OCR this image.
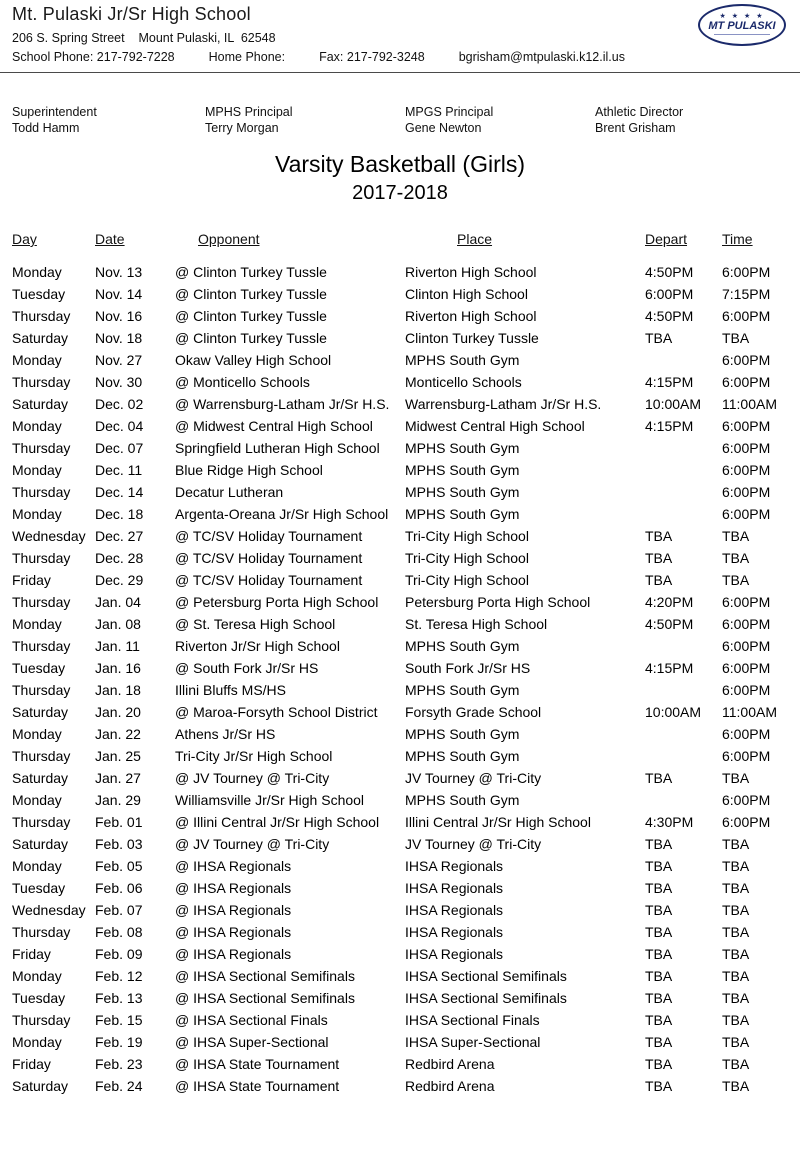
Mt. Pulaski Jr/Sr High School

206 S. Spring Street    Mount Pulaski, IL  62548

School Phone: 217-792-7228	Home Phone:	Fax: 217-792-3248	bgrisham@mtpulaski.k12.il.us
★ ★ ★ ★
MT PULASKI

Superintendent

Todd Hamm

MPHS Principal

Terry Morgan

MPGS Principal

Gene Newton

Athletic Director

Brent Grisham

Varsity Basketball (Girls)
2017-2018
Day	Date	Opponent	Place	Depart	Time
Monday	Nov. 13	@ Clinton Turkey Tussle	Riverton High School	4:50PM	6:00PM
Tuesday	Nov. 14	@ Clinton Turkey Tussle	Clinton High School	6:00PM	7:15PM
Thursday	Nov. 16	@ Clinton Turkey Tussle	Riverton High School	4:50PM	6:00PM
Saturday	Nov. 18	@ Clinton Turkey Tussle	Clinton Turkey Tussle	TBA	TBA
Monday	Nov. 27	Okaw Valley High School	MPHS South Gym		6:00PM
Thursday	Nov. 30	@ Monticello Schools	Monticello Schools	4:15PM	6:00PM
Saturday	Dec. 02	@ Warrensburg-Latham Jr/Sr H.S.	Warrensburg-Latham Jr/Sr H.S.	10:00AM	11:00AM
Monday	Dec. 04	@ Midwest Central High School	Midwest Central High School	4:15PM	6:00PM
Thursday	Dec. 07	Springfield Lutheran High School	MPHS South Gym		6:00PM
Monday	Dec. 11	Blue Ridge High School	MPHS South Gym		6:00PM
Thursday	Dec. 14	Decatur Lutheran	MPHS South Gym		6:00PM
Monday	Dec. 18	Argenta-Oreana Jr/Sr High School	MPHS South Gym		6:00PM
Wednesday	Dec. 27	@ TC/SV Holiday Tournament	Tri-City High School	TBA	TBA
Thursday	Dec. 28	@ TC/SV Holiday Tournament	Tri-City High School	TBA	TBA
Friday	Dec. 29	@ TC/SV Holiday Tournament	Tri-City High School	TBA	TBA
Thursday	Jan. 04	@ Petersburg Porta High School	Petersburg Porta High School	4:20PM	6:00PM
Monday	Jan. 08	@ St. Teresa High School	St. Teresa High School	4:50PM	6:00PM
Thursday	Jan. 11	Riverton Jr/Sr High School	MPHS South Gym		6:00PM
Tuesday	Jan. 16	@ South Fork Jr/Sr HS	South Fork Jr/Sr HS	4:15PM	6:00PM
Thursday	Jan. 18	Illini Bluffs MS/HS	MPHS South Gym		6:00PM
Saturday	Jan. 20	@ Maroa-Forsyth School District	Forsyth Grade School	10:00AM	11:00AM
Monday	Jan. 22	Athens Jr/Sr HS	MPHS South Gym		6:00PM
Thursday	Jan. 25	Tri-City Jr/Sr High School	MPHS South Gym		6:00PM
Saturday	Jan. 27	@ JV Tourney @ Tri-City	JV Tourney @ Tri-City	TBA	TBA
Monday	Jan. 29	Williamsville Jr/Sr High School	MPHS South Gym		6:00PM
Thursday	Feb. 01	@ Illini Central Jr/Sr High School	Illini Central Jr/Sr High School	4:30PM	6:00PM
Saturday	Feb. 03	@ JV Tourney @ Tri-City	JV Tourney @ Tri-City	TBA	TBA
Monday	Feb. 05	@ IHSA Regionals	IHSA Regionals	TBA	TBA
Tuesday	Feb. 06	@ IHSA Regionals	IHSA Regionals	TBA	TBA
Wednesday	Feb. 07	@ IHSA Regionals	IHSA Regionals	TBA	TBA
Thursday	Feb. 08	@ IHSA Regionals	IHSA Regionals	TBA	TBA
Friday	Feb. 09	@ IHSA Regionals	IHSA Regionals	TBA	TBA
Monday	Feb. 12	@ IHSA Sectional Semifinals	IHSA Sectional Semifinals	TBA	TBA
Tuesday	Feb. 13	@ IHSA Sectional Semifinals	IHSA Sectional Semifinals	TBA	TBA
Thursday	Feb. 15	@ IHSA Sectional Finals	IHSA Sectional Finals	TBA	TBA
Monday	Feb. 19	@ IHSA Super-Sectional	IHSA Super-Sectional	TBA	TBA
Friday	Feb. 23	@ IHSA State Tournament	Redbird Arena	TBA	TBA
Saturday	Feb. 24	@ IHSA State Tournament	Redbird Arena	TBA	TBA
